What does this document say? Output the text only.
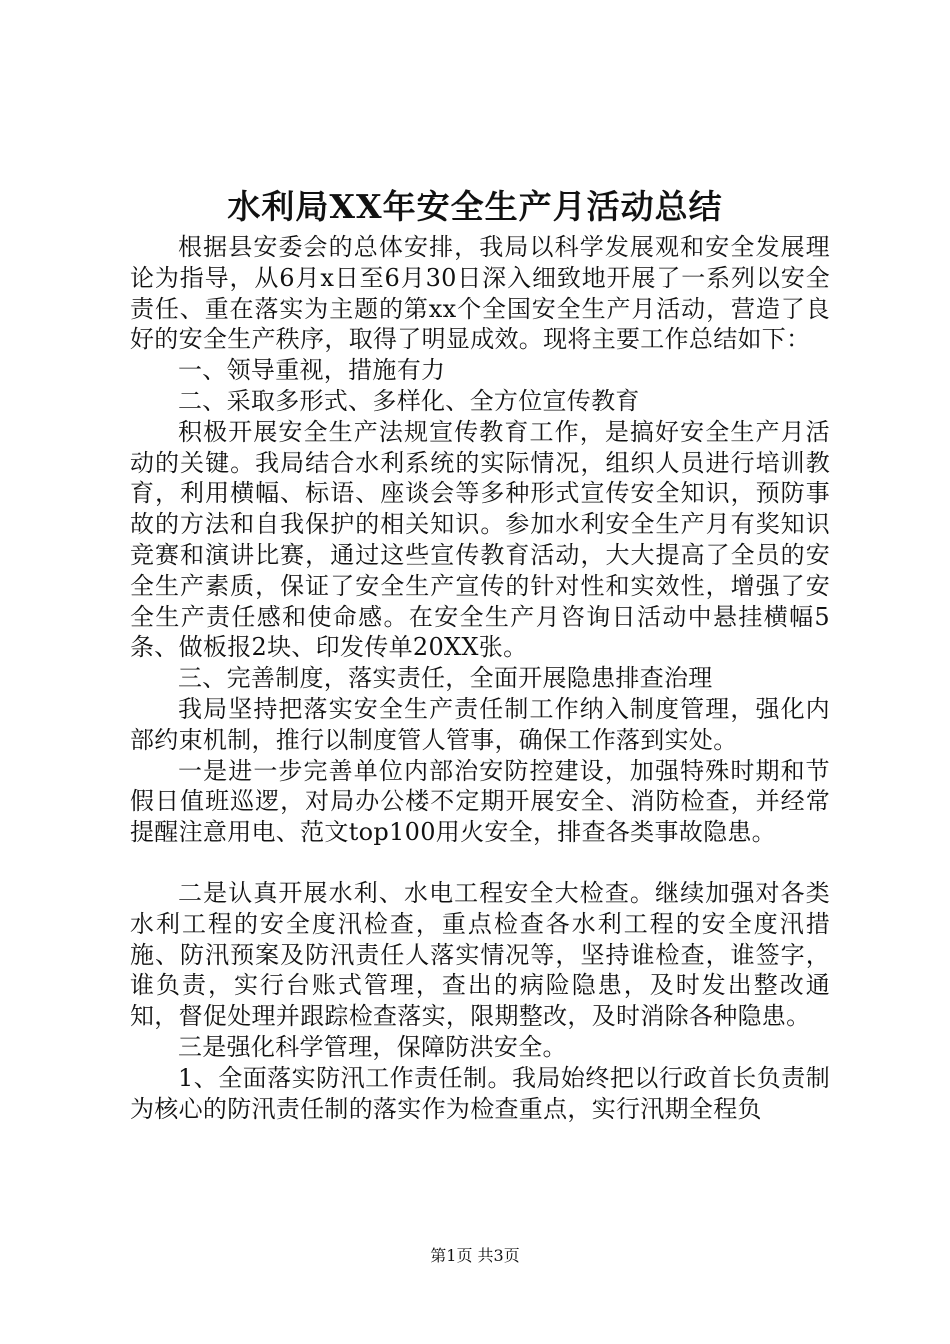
水利局XX年安全生产月活动总结

根据县安委会的总体安排，我局以科学发展观和安全发展理论为指导，从6月x日至6月30日深入细致地开展了一系列以安全责任、重在落实为主题的第xx个全国安全生产月活动，营造了良好的安全生产秩序，取得了明显成效。现将主要工作总结如下：

一、领导重视，措施有力

二、采取多形式、多样化、全方位宣传教育

积极开展安全生产法规宣传教育工作，是搞好安全生产月活动的关键。我局结合水利系统的实际情况，组织人员进行培训教育，利用横幅、标语、座谈会等多种形式宣传安全知识，预防事故的方法和自我保护的相关知识。参加水利安全生产月有奖知识竞赛和演讲比赛，通过这些宣传教育活动，大大提高了全员的安全生产素质，保证了安全生产宣传的针对性和实效性，增强了安全生产责任感和使命感。在安全生产月咨询日活动中悬挂横幅5条、做板报2块、印发传单20XX张。

三、完善制度，落实责任，全面开展隐患排查治理

我局坚持把落实安全生产责任制工作纳入制度管理，强化内部约束机制，推行以制度管人管事，确保工作落到实处。

一是进一步完善单位内部治安防控建设，加强特殊时期和节假日值班巡逻，对局办公楼不定期开展安全、消防检查，并经常提醒注意用电、范文top100用火安全，排查各类事故隐患。

二是认真开展水利、水电工程安全大检查。继续加强对各类水利工程的安全度汛检查，重点检查各水利工程的安全度汛措施、防汛预案及防汛责任人落实情况等，坚持谁检查，谁签字，谁负责，实行台账式管理，查出的病险隐患，及时发出整改通知，督促处理并跟踪检查落实，限期整改，及时消除各种隐患。

三是强化科学管理，保障防洪安全。

1、全面落实防汛工作责任制。我局始终把以行政首长负责制为核心的防汛责任制的落实作为检查重点，实行汛期全程负

第1页 共3页
